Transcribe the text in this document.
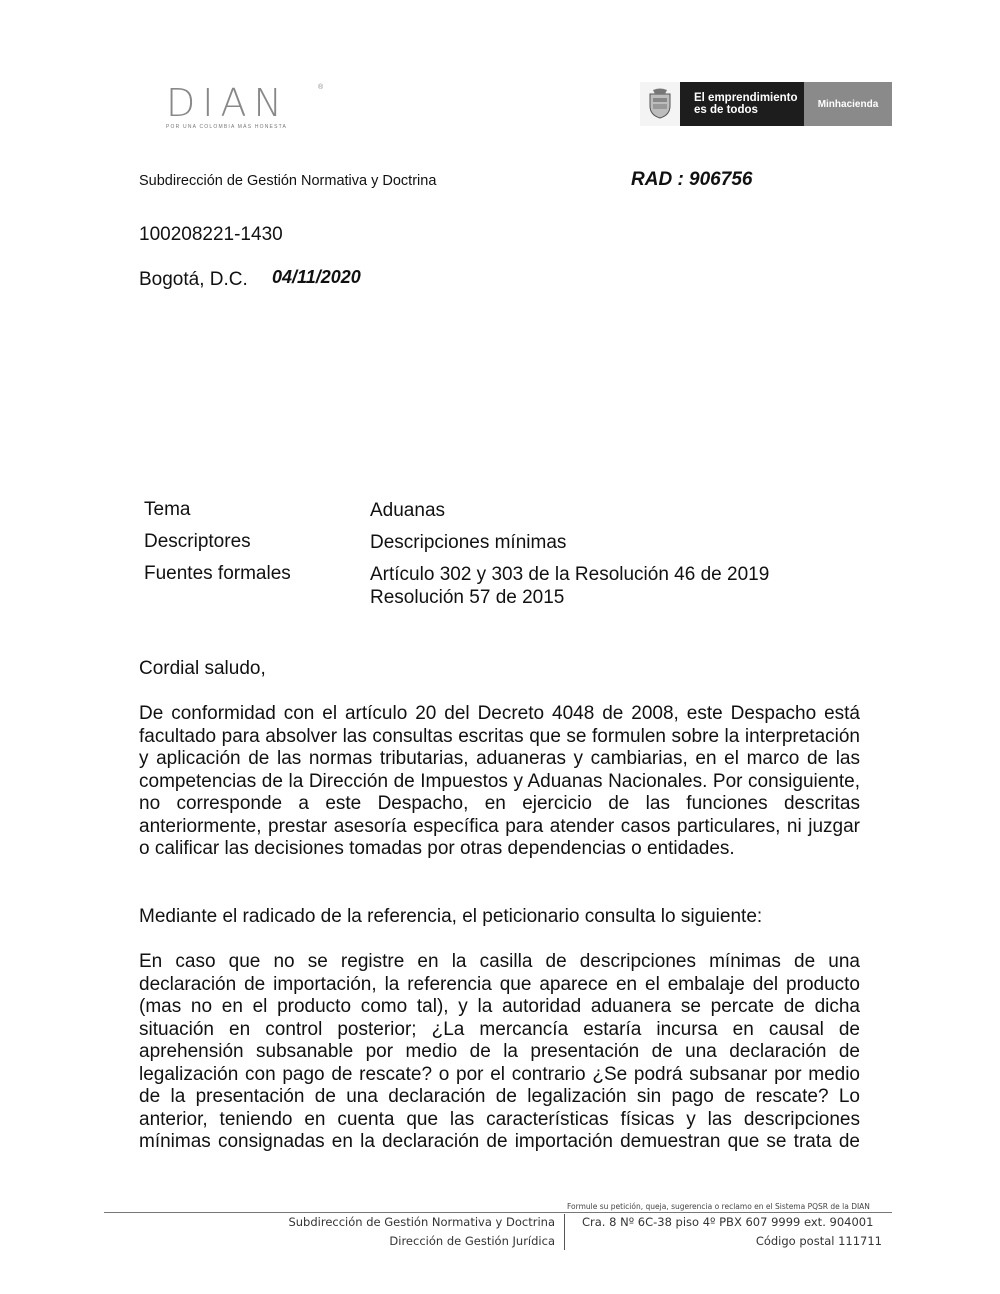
DIAN	®
POR UNA COLOMBIA MÁS HONESTA
El emprendimiento
es de todos	Minhacienda
Subdirección de Gestión Normativa y Doctrina	RAD : 906756
100208221-1430
Bogotá, D.C. 04/11/2020
Tema	Aduanas
Descriptores	Descripciones mínimas
Fuentes formales	Artículo 302 y 303 de la Resolución 46 de 2019
Resolución 57 de 2015
Cordial saludo,
De conformidad con el artículo 20 del Decreto 4048 de 2008, este Despacho está facultado para absolver las consultas escritas que se formulen sobre la interpretación y aplicación de las normas tributarias, aduaneras y cambiarias, en el marco de las competencias de la Dirección de Impuestos y Aduanas Nacionales. Por consiguiente, no corresponde a este Despacho, en ejercicio de las funciones descritas anteriormente, prestar asesoría específica para atender casos particulares, ni juzgar o calificar las decisiones tomadas por otras dependencias o entidades.
Mediante el radicado de la referencia, el peticionario consulta lo siguiente:
En caso que no se registre en la casilla de descripciones mínimas de una declaración de importación, la referencia que aparece en el embalaje del producto (mas no en el producto como tal), y la autoridad aduanera se percate de dicha situación en control posterior; ¿La mercancía estaría incursa en causal de aprehensión subsanable por medio de la presentación de una declaración de legalización con pago de rescate? o por el contrario ¿Se podrá subsanar por medio de la presentación de una declaración de legalización sin pago de rescate? Lo anterior, teniendo en cuenta que las características físicas y las descripciones mínimas consignadas en la declaración de importación demuestran que se trata de
Formule su petición, queja, sugerencia o reclamo en el Sistema PQSR de la DIAN
Subdirección de Gestión Normativa y Doctrina
Dirección de Gestión Jurídica
Cra. 8 Nº 6C-38 piso 4º PBX 607 9999 ext. 904001
Código postal 111711
